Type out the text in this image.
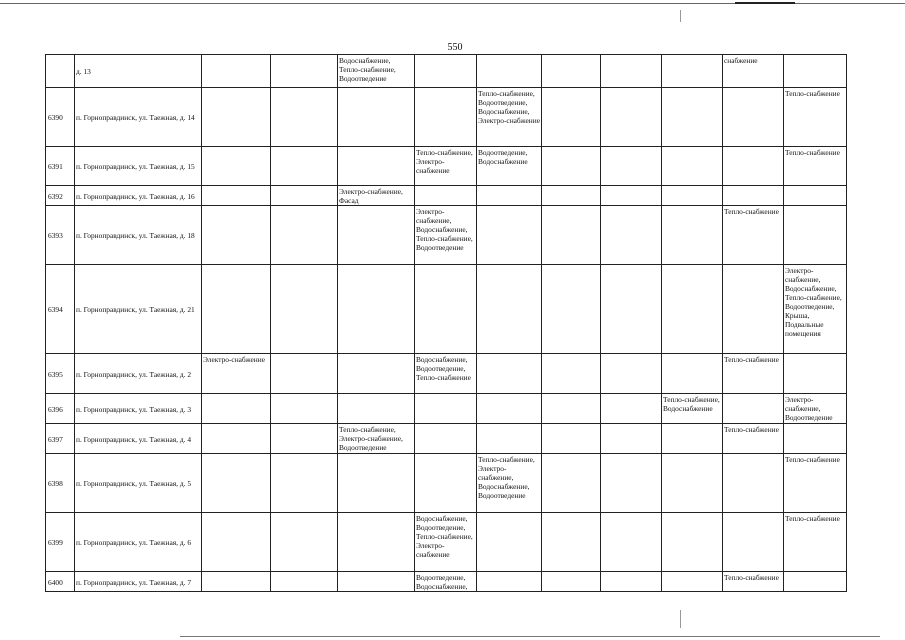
550
	д. 13			Водоснабжение, Тепло-снабжение, Водоотведение						снабжение	
6390	п. Горноправдинск, ул. Таежная, д. 14					Тепло-снабжение, Водоотведение, Водоснабжение, Электро-снабжение					Тепло-снабжение
6391	п. Горноправдинск, ул. Таежная, д. 15				Тепло-снабжение, Электро-снабжение	Водоотведение, Водоснабжение					Тепло-снабжение
6392	п. Горноправдинск, ул. Таежная, д. 16			Электро-снабжение, Фасад							
6393	п. Горноправдинск, ул. Таежная, д. 18				Электро-снабжение, Водоснабжение, Тепло-снабжение, Водоотведение					Тепло-снабжение	
6394	п. Горноправдинск, ул. Таежная, д. 21										Электро-снабжение, Водоснабжение, Тепло-снабжение, Водоотведение, Крыша, Подвальные помещения
6395	п. Горноправдинск, ул. Таежная, д. 2	Электро-снабжение			Водоснабжение, Водоотведение, Тепло-снабжение					Тепло-снабжение	
6396	п. Горноправдинск, ул. Таежная, д. 3								Тепло-снабжение, Водоснабжение		Электро-снабжение, Водоотведение
6397	п. Горноправдинск, ул. Таежная, д. 4			Тепло-снабжение, Электро-снабжение, Водоотведение						Тепло-снабжение	
6398	п. Горноправдинск, ул. Таежная, д. 5					Тепло-снабжение, Электро-снабжение, Водоснабжение, Водоотведение					Тепло-снабжение
6399	п. Горноправдинск, ул. Таежная, д. 6				Водоснабжение, Водоотведение, Тепло-снабжение, Электро-снабжение						Тепло-снабжение
6400	п. Горноправдинск, ул. Таежная, д. 7				Водоотведение, Водоснабжение,					Тепло-снабжение	
